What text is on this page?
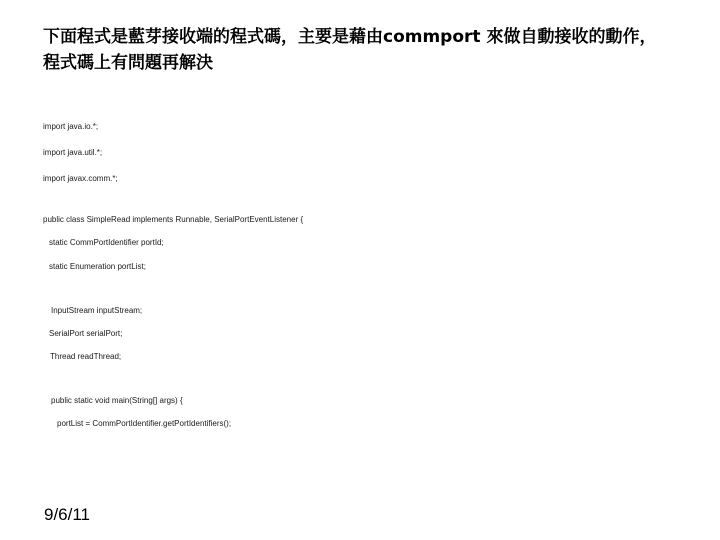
下面程式是藍芽接收端的程式碼，主要是藉由commport 來做自動接收的動作，
程式碼上有問題再解決
import java.io.*;
import java.util.*;
import javax.comm.*;
public class SimpleRead implements Runnable, SerialPortEventListener {
static CommPortIdentifier portId;
static Enumeration portList;
InputStream inputStream;
SerialPort serialPort;
Thread readThread;
public static void main(String[] args) {
portList = CommPortIdentifier.getPortIdentifiers();
9/6/11
